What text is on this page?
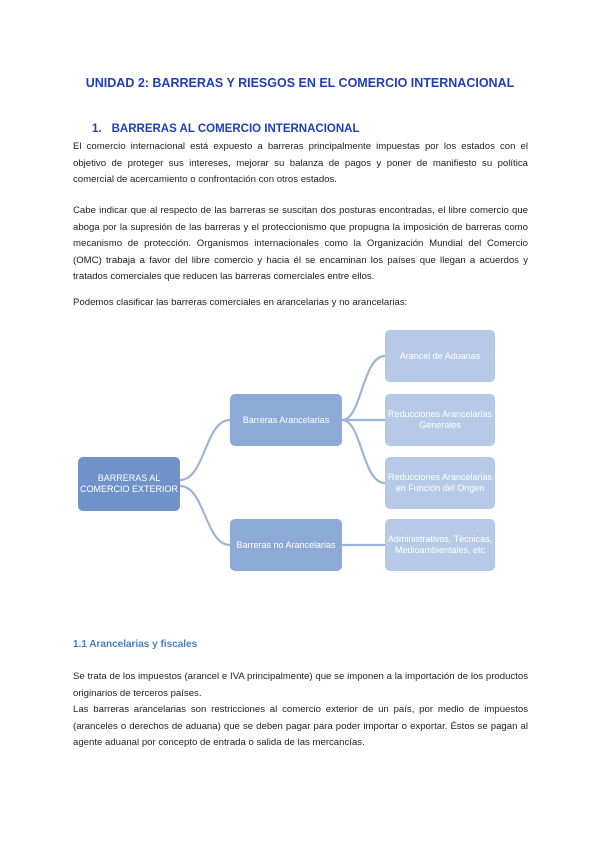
UNIDAD 2: BARRERAS Y RIESGOS EN EL COMERCIO INTERNACIONAL
1. BARRERAS AL COMERCIO INTERNACIONAL
El comercio internacional está expuesto a barreras principalmente impuestas por los estados con el objetivo de proteger sus intereses, mejorar su balanza de pagos y poner de manifiesto su política comercial de acercamiento o confrontación con otros estados.
Cabe indicar que al respecto de las barreras se suscitan dos posturas encontradas, el libre comercio que aboga por la supresión de las barreras y el proteccionismo que propugna la imposición de barreras como mecanismo de protección. Organismos internacionales como la Organización Mundial del Comercio (OMC) trabaja a favor del libre comercio y hacia él se encaminan los países que llegan a acuerdos y tratados comerciales que reducen las barreras comerciales entre ellos.
Podemos clasificar las barreras comerciales en arancelarias y no arancelarias:
BARRERAS AL COMERCIO EXTERIOR
Barreras Arancelarias
Barreras no Arancelarias
Arancel de Aduanas
Reducciones Arancelarias Generales
Reducciones Arancelarias en Función del Origen
Administrativos, Técnicas, Medioambientales, etc
1.1 Arancelarias y fiscales
Se trata de los impuestos (arancel e IVA principalmente) que se imponen a la importación de los productos originarios de terceros países.
Las barreras arancelarias son restricciones al comercio exterior de un país, por medio de impuestos (aranceles o derechos de aduana) que se deben pagar para poder importar o exportar. Éstos se pagan al agente aduanal por concepto de entrada o salida de las mercancías.
